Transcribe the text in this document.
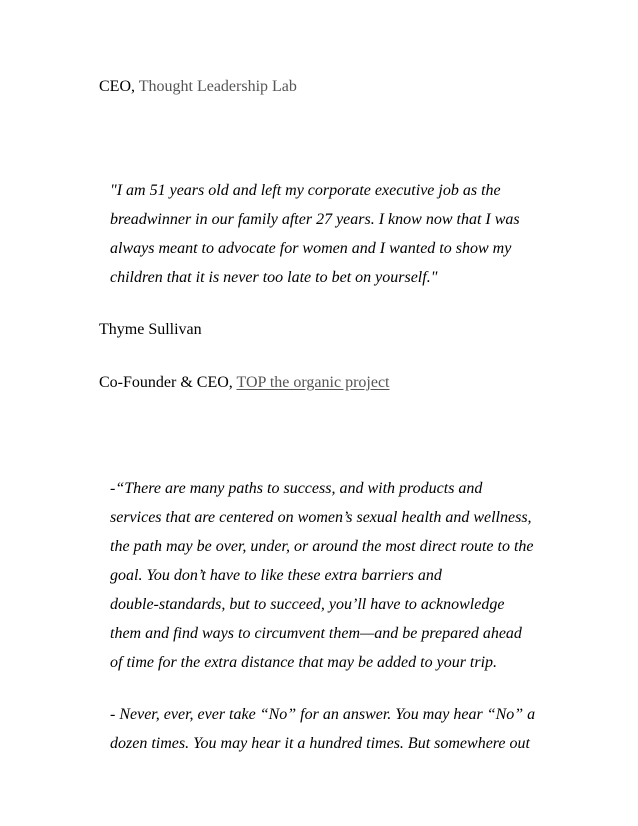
CEO, Thought Leadership Lab
"I am 51 years old and left my corporate executive job as the
breadwinner in our family after 27 years. I know now that I was
always meant to advocate for women and I wanted to show my
children that it is never too late to bet on yourself."
Thyme Sullivan
Co-Founder & CEO, TOP the organic project
-“There are many paths to success, and with products and
services that are centered on women’s sexual health and wellness,
the path may be over, under, or around the most direct route to the
goal. You don’t have to like these extra barriers and
double-standards, but to succeed, you’ll have to acknowledge
them and find ways to circumvent them—and be prepared ahead
of time for the extra distance that may be added to your trip.
- Never, ever, ever take “No” for an answer. You may hear “No” a
dozen times. You may hear it a hundred times. But somewhere out
